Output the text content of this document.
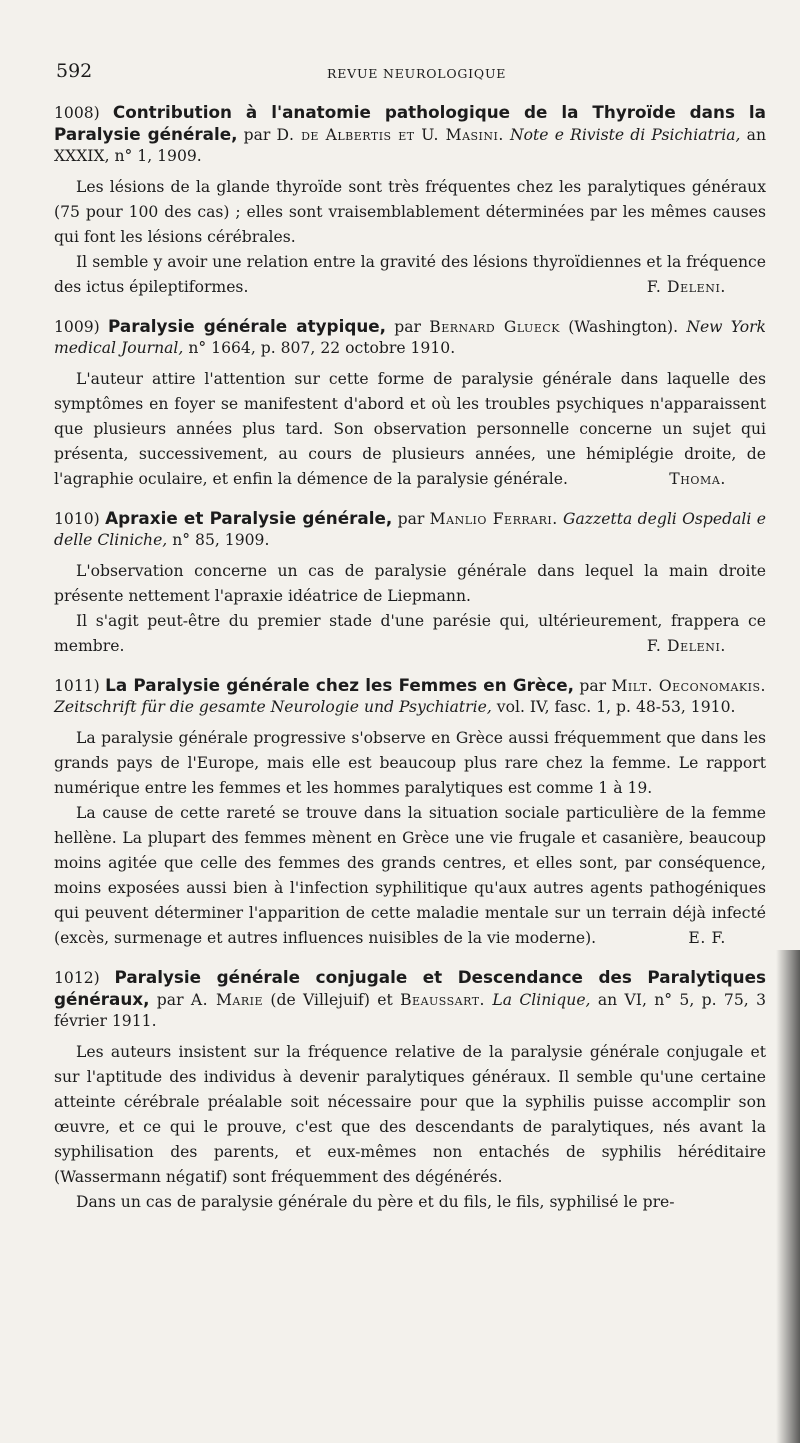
592	REVUE NEUROLOGIQUE
1008) Contribution à l'anatomie pathologique de la Thyroïde dans la Paralysie générale, par D. de Albertis et U. Masini. Note e Riviste di Psichiatria, an XXXIX, n° 1, 1909.

Les lésions de la glande thyroïde sont très fréquentes chez les paralytiques généraux (75 pour 100 des cas) ; elles sont vraisemblablement déterminées par les mêmes causes qui font les lésions cérébrales.

Il semble y avoir une relation entre la gravité des lésions thyroïdiennes et la fréquence des ictus épileptiformes.	F. Deleni.

1009) Paralysie générale atypique, par Bernard Glueck (Washington). New York medical Journal, n° 1664, p. 807, 22 octobre 1910.

L'auteur attire l'attention sur cette forme de paralysie générale dans laquelle des symptômes en foyer se manifestent d'abord et où les troubles psychiques n'apparaissent que plusieurs années plus tard. Son observation personnelle concerne un sujet qui présenta, successivement, au cours de plusieurs années, une hémiplégie droite, de l'agraphie oculaire, et enfin la démence de la paralysie générale.	Thoma.

1010) Apraxie et Paralysie générale, par Manlio Ferrari. Gazzetta degli Ospedali e delle Cliniche, n° 85, 1909.

L'observation concerne un cas de paralysie générale dans lequel la main droite présente nettement l'apraxie idéatrice de Liepmann.

Il s'agit peut-être du premier stade d'une parésie qui, ultérieurement, frappera ce membre.	F. Deleni.

1011) La Paralysie générale chez les Femmes en Grèce, par Milt. Oeconomakis. Zeitschrift für die gesamte Neurologie und Psychiatrie, vol. IV, fasc. 1, p. 48-53, 1910.

La paralysie générale progressive s'observe en Grèce aussi fréquemment que dans les grands pays de l'Europe, mais elle est beaucoup plus rare chez la femme. Le rapport numérique entre les femmes et les hommes paralytiques est comme 1 à 19.

La cause de cette rareté se trouve dans la situation sociale particulière de la femme hellène. La plupart des femmes mènent en Grèce une vie frugale et casanière, beaucoup moins agitée que celle des femmes des grands centres, et elles sont, par conséquence, moins exposées aussi bien à l'infection syphilitique qu'aux autres agents pathogéniques qui peuvent déterminer l'apparition de cette maladie mentale sur un terrain déjà infecté (excès, surmenage et autres influences nuisibles de la vie moderne).	E. F.

1012) Paralysie générale conjugale et Descendance des Paralytiques généraux, par A. Marie (de Villejuif) et Beaussart. La Clinique, an VI, n° 5, p. 75, 3 février 1911.

Les auteurs insistent sur la fréquence relative de la paralysie générale conjugale et sur l'aptitude des individus à devenir paralytiques généraux. Il semble qu'une certaine atteinte cérébrale préalable soit nécessaire pour que la syphilis puisse accomplir son œuvre, et ce qui le prouve, c'est que des descendants de paralytiques, nés avant la syphilisation des parents, et eux-mêmes non entachés de syphilis héréditaire (Wassermann négatif) sont fréquemment des dégénérés.

Dans un cas de paralysie générale du père et du fils, le fils, syphilisé le pre-
